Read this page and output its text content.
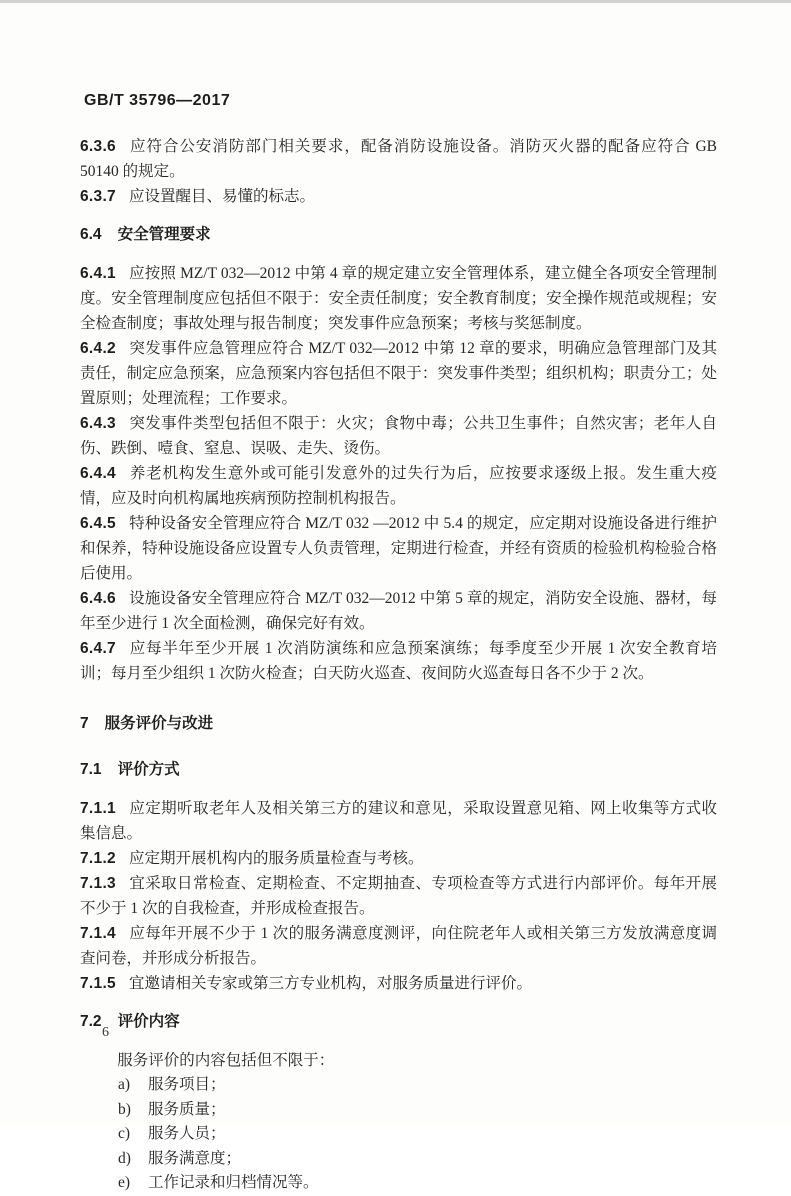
GB/T 35796—2017

6.3.6 应符合公安消防部门相关要求，配备消防设施设备。消防灭火器的配备应符合 GB 50140 的规定。

6.3.7 应设置醒目、易懂的标志。

6.4 安全管理要求

6.4.1 应按照 MZ/T 032—2012 中第 4 章的规定建立安全管理体系，建立健全各项安全管理制度。安全管理制度应包括但不限于：安全责任制度；安全教育制度；安全操作规范或规程；安全检查制度；事故处理与报告制度；突发事件应急预案；考核与奖惩制度。

6.4.2 突发事件应急管理应符合 MZ/T 032—2012 中第 12 章的要求，明确应急管理部门及其责任，制定应急预案，应急预案内容包括但不限于：突发事件类型；组织机构；职责分工；处置原则；处理流程；工作要求。

6.4.3 突发事件类型包括但不限于：火灾；食物中毒；公共卫生事件；自然灾害；老年人自伤、跌倒、噎食、窒息、误吸、走失、烫伤。

6.4.4 养老机构发生意外或可能引发意外的过失行为后，应按要求逐级上报。发生重大疫情，应及时向机构属地疾病预防控制机构报告。

6.4.5 特种设备安全管理应符合 MZ/T 032 —2012 中 5.4 的规定，应定期对设施设备进行维护和保养，特种设施设备应设置专人负责管理，定期进行检查，并经有资质的检验机构检验合格后使用。

6.4.6 设施设备安全管理应符合 MZ/T 032—2012 中第 5 章的规定，消防安全设施、器材，每年至少进行 1 次全面检测，确保完好有效。

6.4.7 应每半年至少开展 1 次消防演练和应急预案演练；每季度至少开展 1 次安全教育培训；每月至少组织 1 次防火检查；白天防火巡查、夜间防火巡查每日各不少于 2 次。

7 服务评价与改进
7.1 评价方式

7.1.1 应定期听取老年人及相关第三方的建议和意见，采取设置意见箱、网上收集等方式收集信息。

7.1.2 应定期开展机构内的服务质量检查与考核。

7.1.3 宜采取日常检查、定期检查、不定期抽查、专项检查等方式进行内部评价。每年开展不少于 1 次的自我检查，并形成检查报告。

7.1.4 应每年开展不少于 1 次的服务满意度测评，向住院老年人或相关第三方发放满意度调查问卷，并形成分析报告。

7.1.5 宜邀请相关专家或第三方专业机构，对服务质量进行评价。

7.2 评价内容

服务评价的内容包括但不限于：

a) 服务项目；
b) 服务质量；
c) 服务人员；
d) 服务满意度；
e) 工作记录和归档情况等。
6
